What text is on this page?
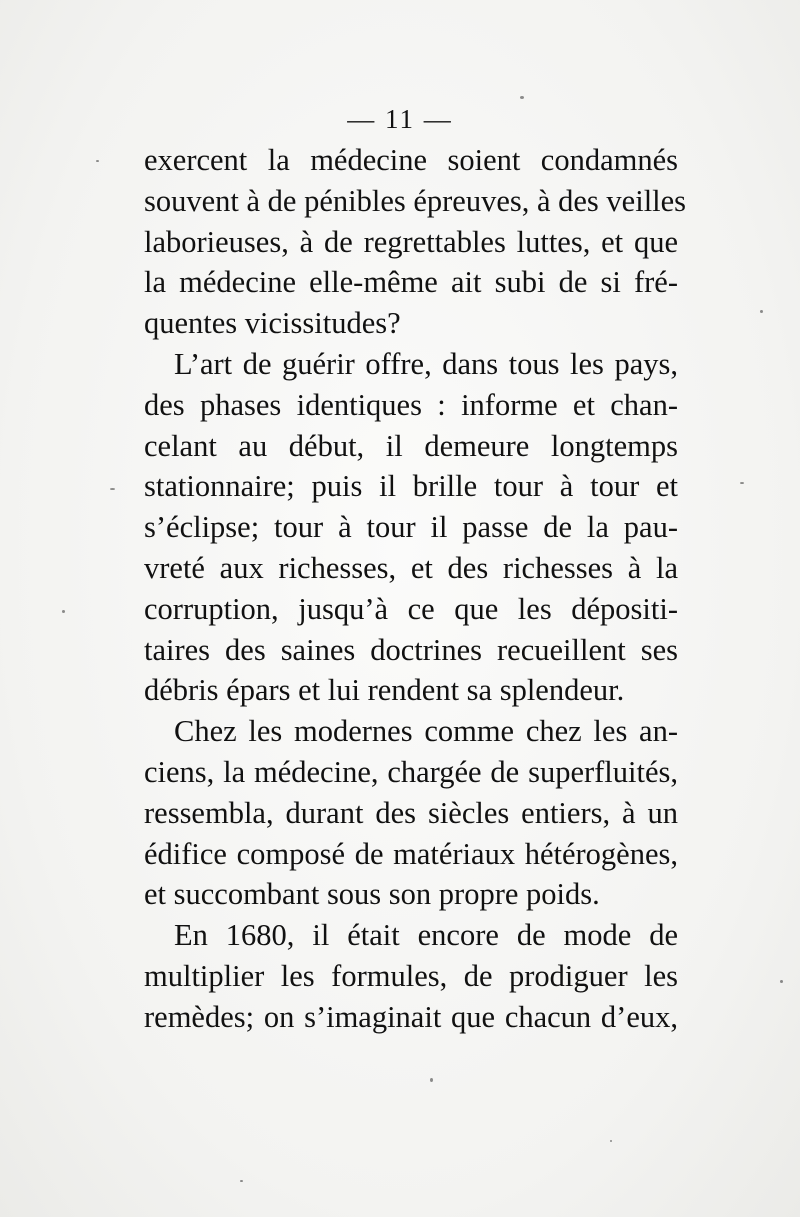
— 11 —
exercent la médecine soient condamnés
souvent à de pénibles épreuves, à des veilles
laborieuses, à de regrettables luttes, et que
la médecine elle-même ait subi de si fré-
quentes vicissitudes?
L’art de guérir offre, dans tous les pays,
des phases identiques : informe et chan-
celant au début, il demeure longtemps
stationnaire; puis il brille tour à tour et
s’éclipse; tour à tour il passe de la pau-
vreté aux richesses, et des richesses à la
corruption, jusqu’à ce que les dépositi-
taires des saines doctrines recueillent ses
débris épars et lui rendent sa splendeur.
Chez les modernes comme chez les an-
ciens, la médecine, chargée de superfluités,
ressembla, durant des siècles entiers, à un
édifice composé de matériaux hétérogènes,
et succombant sous son propre poids.
En 1680, il était encore de mode de
multiplier les formules, de prodiguer les
remèdes; on s’imaginait que chacun d’eux,
